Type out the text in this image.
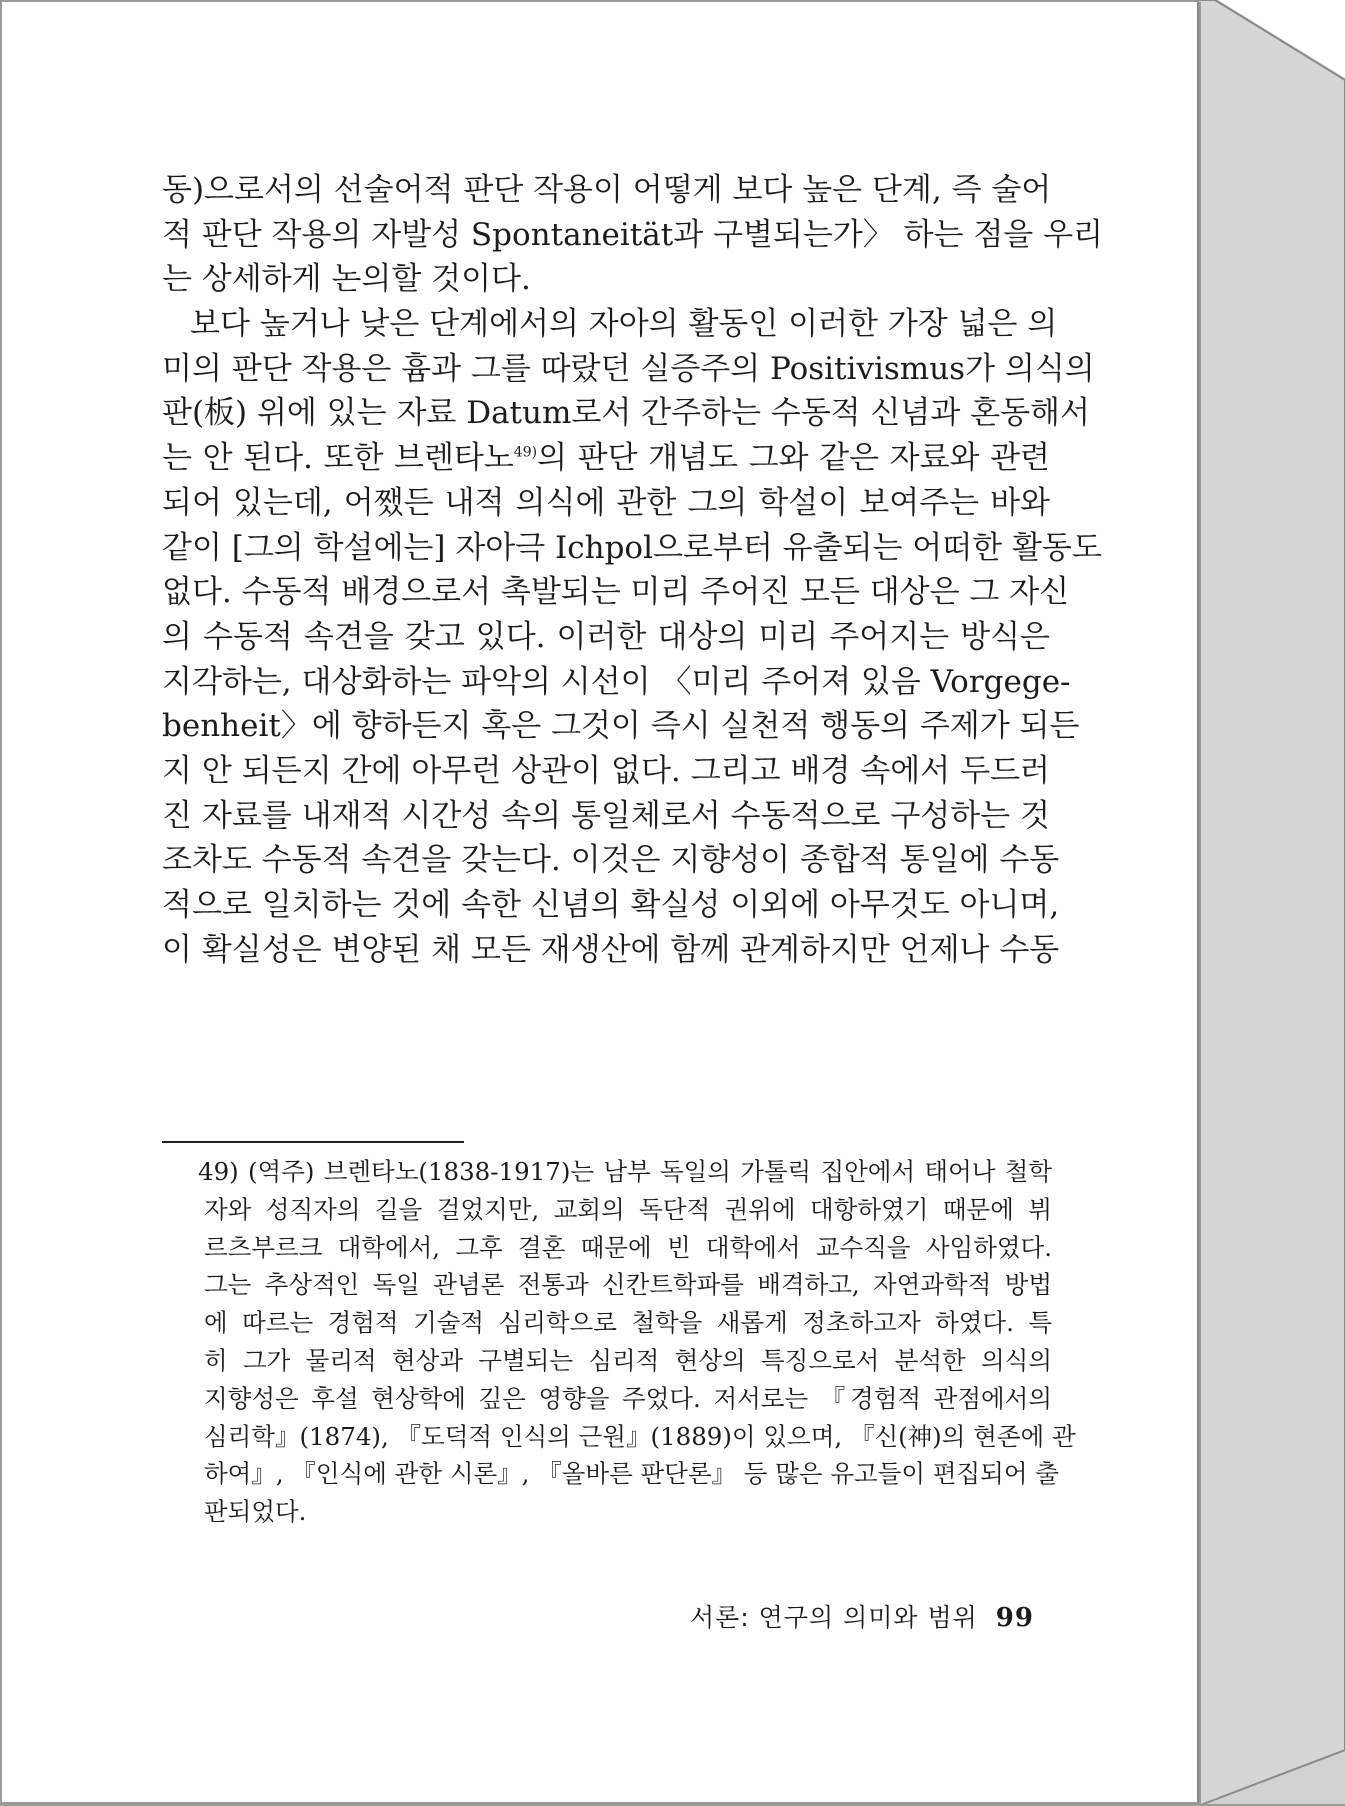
동)으로서의 선술어적 판단 작용이 어떻게 보다 높은 단계, 즉 술어
적 판단 작용의 자발성 Spontaneität과 구별되는가〉 하는 점을 우리
는 상세하게 논의할 것이다.
보다 높거나 낮은 단계에서의 자아의 활동인 이러한 가장 넓은 의
미의 판단 작용은 흄과 그를 따랐던 실증주의 Positivismus가 의식의
판(板) 위에 있는 자료 Datum로서 간주하는 수동적 신념과 혼동해서
는 안 된다. 또한 브렌타노$^{49)}$의 판단 개념도 그와 같은 자료와 관련
되어 있는데, 어쨌든 내적 의식에 관한 그의 학설이 보여주는 바와
같이 [그의 학설에는] 자아극 Ichpol으로부터 유출되는 어떠한 활동도
없다. 수동적 배경으로서 촉발되는 미리 주어진 모든 대상은 그 자신
의 수동적 속견을 갖고 있다. 이러한 대상의 미리 주어지는 방식은
지각하는, 대상화하는 파악의 시선이 〈미리 주어져 있음 Vorgege-
benheit〉에 향하든지 혹은 그것이 즉시 실천적 행동의 주제가 되든
지 안 되든지 간에 아무런 상관이 없다. 그리고 배경 속에서 두드러
진 자료를 내재적 시간성 속의 통일체로서 수동적으로 구성하는 것
조차도 수동적 속견을 갖는다. 이것은 지향성이 종합적 통일에 수동
적으로 일치하는 것에 속한 신념의 확실성 이외에 아무것도 아니며,
이 확실성은 변양된 채 모든 재생산에 함께 관계하지만 언제나 수동
49) (역주) 브렌타노(1838-1917)는 남부 독일의 가톨릭 집안에서 태어나 철학
자와 성직자의 길을 걸었지만, 교회의 독단적 권위에 대항하였기 때문에 뷔
르츠부르크 대학에서, 그후 결혼 때문에 빈 대학에서 교수직을 사임하였다.
그는 추상적인 독일 관념론 전통과 신칸트학파를 배격하고, 자연과학적 방법
에 따르는 경험적 기술적 심리학으로 철학을 새롭게 정초하고자 하였다. 특
히 그가 물리적 현상과 구별되는 심리적 현상의 특징으로서 분석한 의식의
지향성은 후설 현상학에 깊은 영향을 주었다. 저서로는 『경험적 관점에서의
심리학』(1874), 『도덕적 인식의 근원』(1889)이 있으며, 『신(神)의 현존에 관
하여』, 『인식에 관한 시론』, 『올바른 판단론』 등 많은 유고들이 편집되어 출
판되었다.
서론: 연구의 의미와 범위 99
